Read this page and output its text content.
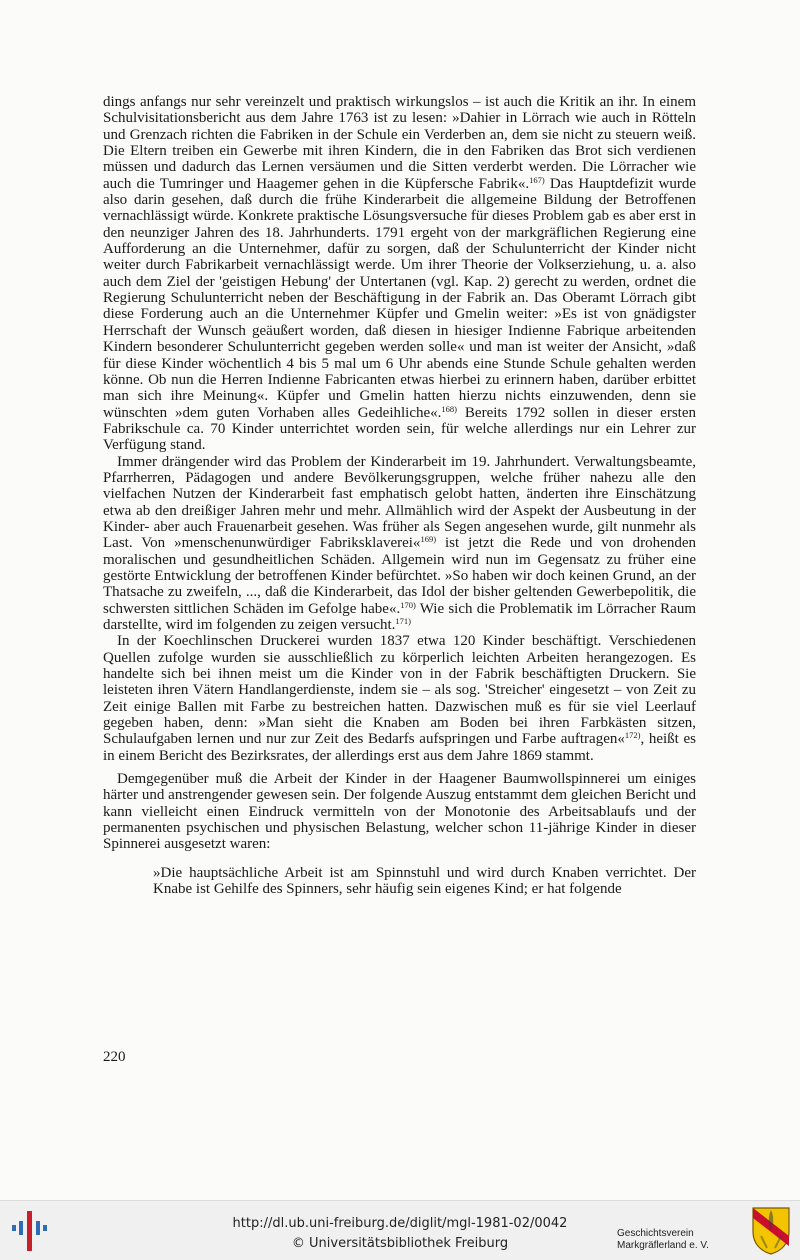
dings anfangs nur sehr vereinzelt und praktisch wirkungslos – ist auch die Kritik an ihr. In einem Schulvisitationsbericht aus dem Jahre 1763 ist zu lesen: »Dahier in Lörrach wie auch in Rötteln und Grenzach richten die Fabriken in der Schule ein Verderben an, dem sie nicht zu steuern weiß. Die Eltern treiben ein Gewerbe mit ihren Kindern, die in den Fabriken das Brot sich verdienen müssen und dadurch das Lernen versäumen und die Sitten verderbt werden. Die Lörracher wie auch die Tumringer und Haagemer gehen in die Küpfersche Fabrik«.$^{167)}$ Das Hauptdefizit wurde also darin gesehen, daß durch die frühe Kinderarbeit die allgemeine Bildung der Betroffenen vernachlässigt würde. Konkrete praktische Lösungsversuche für dieses Problem gab es aber erst in den neunziger Jahren des 18. Jahrhunderts. 1791 ergeht von der markgräflichen Regierung eine Aufforderung an die Unternehmer, dafür zu sorgen, daß der Schulunterricht der Kinder nicht weiter durch Fabrikarbeit vernachlässigt werde. Um ihrer Theorie der Volkserziehung, u. a. also auch dem Ziel der 'geistigen Hebung' der Untertanen (vgl. Kap. 2) gerecht zu werden, ordnet die Regierung Schulunterricht neben der Beschäftigung in der Fabrik an. Das Oberamt Lörrach gibt diese Forderung auch an die Unternehmer Küpfer und Gmelin weiter: »Es ist von gnädigster Herrschaft der Wunsch geäußert worden, daß diesen in hiesiger Indienne Fabrique arbeitenden Kindern besonderer Schulunterricht gegeben werden solle« und man ist weiter der Ansicht, »daß für diese Kinder wöchentlich 4 bis 5 mal um 6 Uhr abends eine Stunde Schule gehalten werden könne. Ob nun die Herren Indienne Fabricanten etwas hierbei zu erinnern haben, darüber erbittet man sich ihre Meinung«. Küpfer und Gmelin hatten hierzu nichts einzuwenden, denn sie wünschten »dem guten Vorhaben alles Gedeihliche«.$^{168)}$ Bereits 1792 sollen in dieser ersten Fabrikschule ca. 70 Kinder unterrichtet worden sein, für welche allerdings nur ein Lehrer zur Verfügung stand.

Immer drängender wird das Problem der Kinderarbeit im 19. Jahrhundert. Verwaltungsbeamte, Pfarrherren, Pädagogen und andere Bevölkerungsgruppen, welche früher nahezu alle den vielfachen Nutzen der Kinderarbeit fast emphatisch gelobt hatten, änderten ihre Einschätzung etwa ab den dreißiger Jahren mehr und mehr. Allmählich wird der Aspekt der Ausbeutung in der Kinder- aber auch Frauenarbeit gesehen. Was früher als Segen angesehen wurde, gilt nunmehr als Last. Von »menschenunwürdiger Fabriksklaverei«$^{169)}$ ist jetzt die Rede und von drohenden moralischen und gesundheitlichen Schäden. Allgemein wird nun im Gegensatz zu früher eine gestörte Entwicklung der betroffenen Kinder befürchtet. »So haben wir doch keinen Grund, an der Thatsache zu zweifeln, ..., daß die Kinderarbeit, das Idol der bisher geltenden Gewerbepolitik, die schwersten sittlichen Schäden im Gefolge habe«.$^{170)}$ Wie sich die Problematik im Lörracher Raum darstellte, wird im folgenden zu zeigen versucht.$^{171)}$

In der Koechlinschen Druckerei wurden 1837 etwa 120 Kinder beschäftigt. Verschiedenen Quellen zufolge wurden sie ausschließlich zu körperlich leichten Arbeiten herangezogen. Es handelte sich bei ihnen meist um die Kinder von in der Fabrik beschäftigten Druckern. Sie leisteten ihren Vätern Handlangerdienste, indem sie – als sog. 'Streicher' eingesetzt – von Zeit zu Zeit einige Ballen mit Farbe zu bestreichen hatten. Dazwischen muß es für sie viel Leerlauf gegeben haben, denn: »Man sieht die Knaben am Boden bei ihren Farbkästen sitzen, Schulaufgaben lernen und nur zur Zeit des Bedarfs aufspringen und Farbe auftragen«$^{172)}$, heißt es in einem Bericht des Bezirksrates, der allerdings erst aus dem Jahre 1869 stammt.

Demgegenüber muß die Arbeit der Kinder in der Haagener Baumwollspinnerei um einiges härter und anstrengender gewesen sein. Der folgende Auszug entstammt dem gleichen Bericht und kann vielleicht einen Eindruck vermitteln von der Monotonie des Arbeitsablaufs und der permanenten psychischen und physischen Belastung, welcher schon 11-jährige Kinder in dieser Spinnerei ausgesetzt waren:

»Die hauptsächliche Arbeit ist am Spinnstuhl und wird durch Knaben verrichtet. Der Knabe ist Gehilfe des Spinners, sehr häufig sein eigenes Kind; er hat folgende

220
http://dl.ub.uni-freiburg.de/diglit/mgl-1981-02/0042
© Universitätsbibliothek Freiburg
Geschichtsverein
Markgräflerland e. V.
